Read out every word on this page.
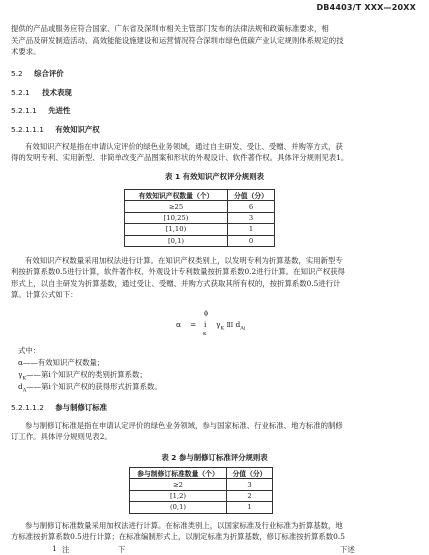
DB4403/T XXX—20XX

提供的产品或服务应符合国家、广东省及深圳市相关主管部门发布的法律法规和政策标准要求，相

关产品及研发制造活动、高效能能设施建设和运营情况符合深圳市绿色低碳产业认定规则体系规定的技

术要求。

5.2 综合评价
5.2.1 技术表现
5.2.1.1 先进性
5.2.1.1.1 有效知识产权

有效知识产权是指在申请认定评价的绿色业务领域，通过自主研发、受让、受赠、并购等方式，获

得的发明专利、实用新型、非简单改变产品图案和形状的外观设计、软件著作权。具体评分规则见表1。

表 1 有效知识产权评分规则表

有效知识产权数量（个）	分值（分）
≥25	6
[10,25)	3
[1,10)	1
[0,1)	0

有效知识产权数量采用加权法进行计算。在知识产权类别上，以发明专利为折算基数，实用新型专

利按折算系数0.5进行计算，软件著作权、外观设计专利数量按折算系数0.2进行计算。在知识产权获得

形式上，以自主研发为折算基数，通过受让、受赠、并购方式获取其所有权的，按折算系数0.5进行计

算。计算公式如下：

α =
ϕ
i
κ
$\gamma_K$ ⅡⅠ $d_{Ai}$

式中：

α——有效知识产权数量；

$\gamma_K——$第i个知识产权的类别折算系数；

$d_A——$第i个知识产权的获得形式折算系数。

5.2.1.1.2 参与制修订标准

参与制修订标准是指在申请认定评价的绿色业务领域，参与国家标准、行业标准、地方标准的制修

订工作。具体评分规则见表2。

表 2 参与制修订标准评分规则表

参与制修订标准数量（个）	分值（分）
≥2	3
[1,2)	2
(0,1)	1

参与制修订标准数量采用加权法进行计算。在标准类别上，以国家标准及行业标准为折算基数，地

方标准按折算系数0.5进行计算；在标准编制形式上，以制定标准为折算基数，修订标准按折算系数0.5

1 注	下	下述
